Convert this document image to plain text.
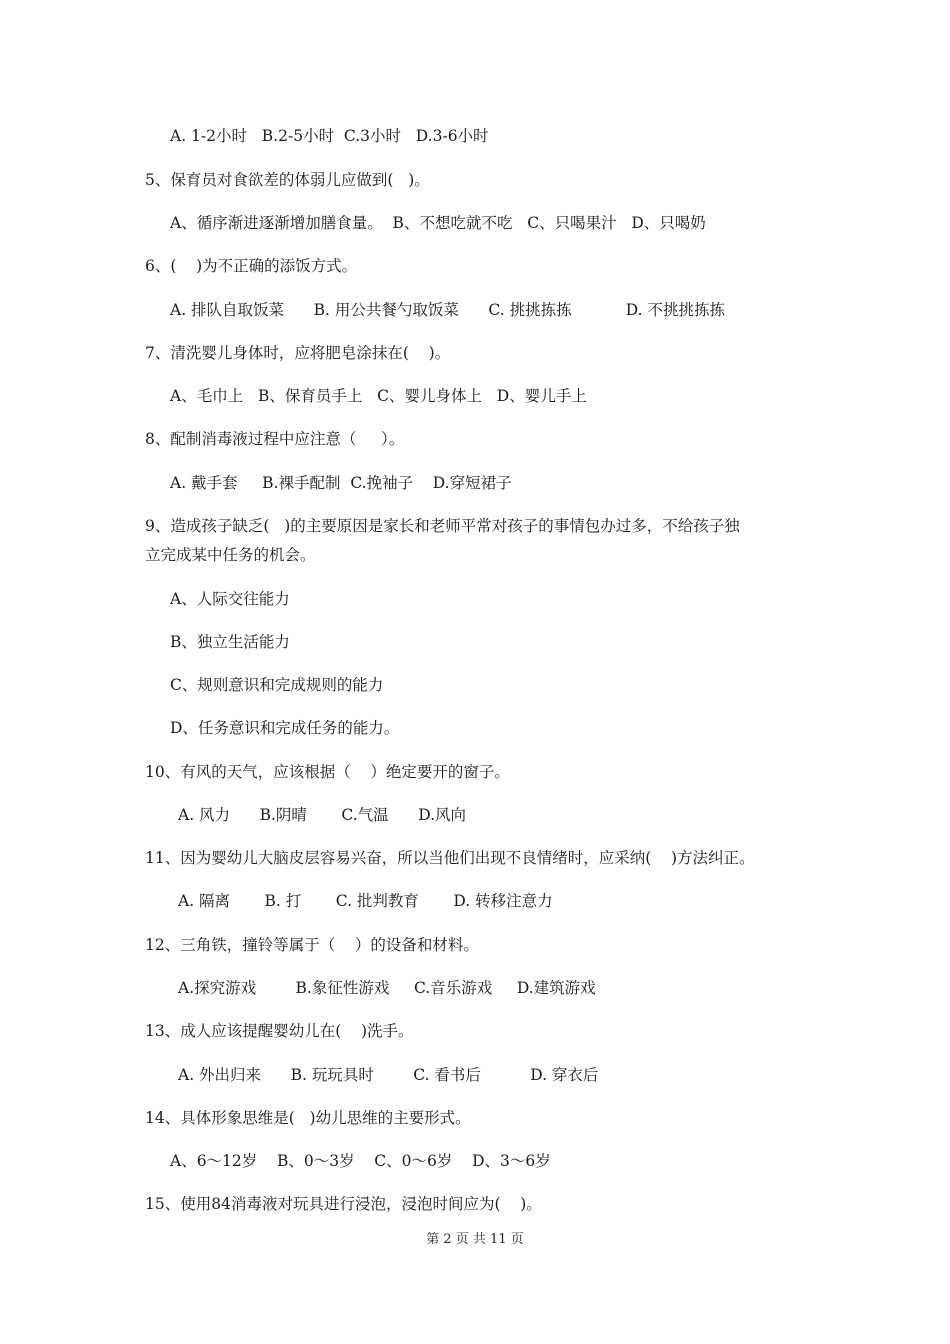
A. 1-2小时   B.2-5小时  C.3小时   D.3-6小时
5、保育员对食欲差的体弱儿应做到(   )。
A、循序渐进逐渐增加膳食量。  B、不想吃就不吃   C、只喝果汁   D、只喝奶
6、(    )为不正确的添饭方式。
A. 排队自取饭菜      B. 用公共餐勺取饭菜      C. 挑挑拣拣           D. 不挑挑拣拣
7、清洗婴儿身体时，应将肥皂涂抹在(    )。
A、毛巾上   B、保育员手上   C、婴儿身体上   D、婴儿手上
8、配制消毒液过程中应注意（     ）。
A. 戴手套     B.裸手配制  C.挽袖子    D.穿短裙子
9、造成孩子缺乏(   )的主要原因是家长和老师平常对孩子的事情包办过多，不给孩子独
立完成某中任务的机会。
A、人际交往能力
B、独立生活能力
C、规则意识和完成规则的能力
D、任务意识和完成任务的能力。
10、有风的天气，应该根据（    ）绝定要开的窗子。
A. 风力      B.阴晴       C.气温      D.风向
11、因为婴幼儿大脑皮层容易兴奋，所以当他们出现不良情绪时，应采纳(    )方法纠正。
A. 隔离       B. 打       C. 批判教育       D. 转移注意力
12、三角铁，撞铃等属于（    ）的设备和材料。
A.探究游戏        B.象征性游戏     C.音乐游戏     D.建筑游戏
13、成人应该提醒婴幼儿在(    )洗手。
A. 外出归来      B. 玩玩具时        C. 看书后          D. 穿衣后
14、具体形象思维是(   )幼儿思维的主要形式。
A、6～12岁    B、0～3岁    C、0～6岁    D、3～6岁
15、使用84消毒液对玩具进行浸泡，浸泡时间应为(    )。
第 2 页 共 11 页
